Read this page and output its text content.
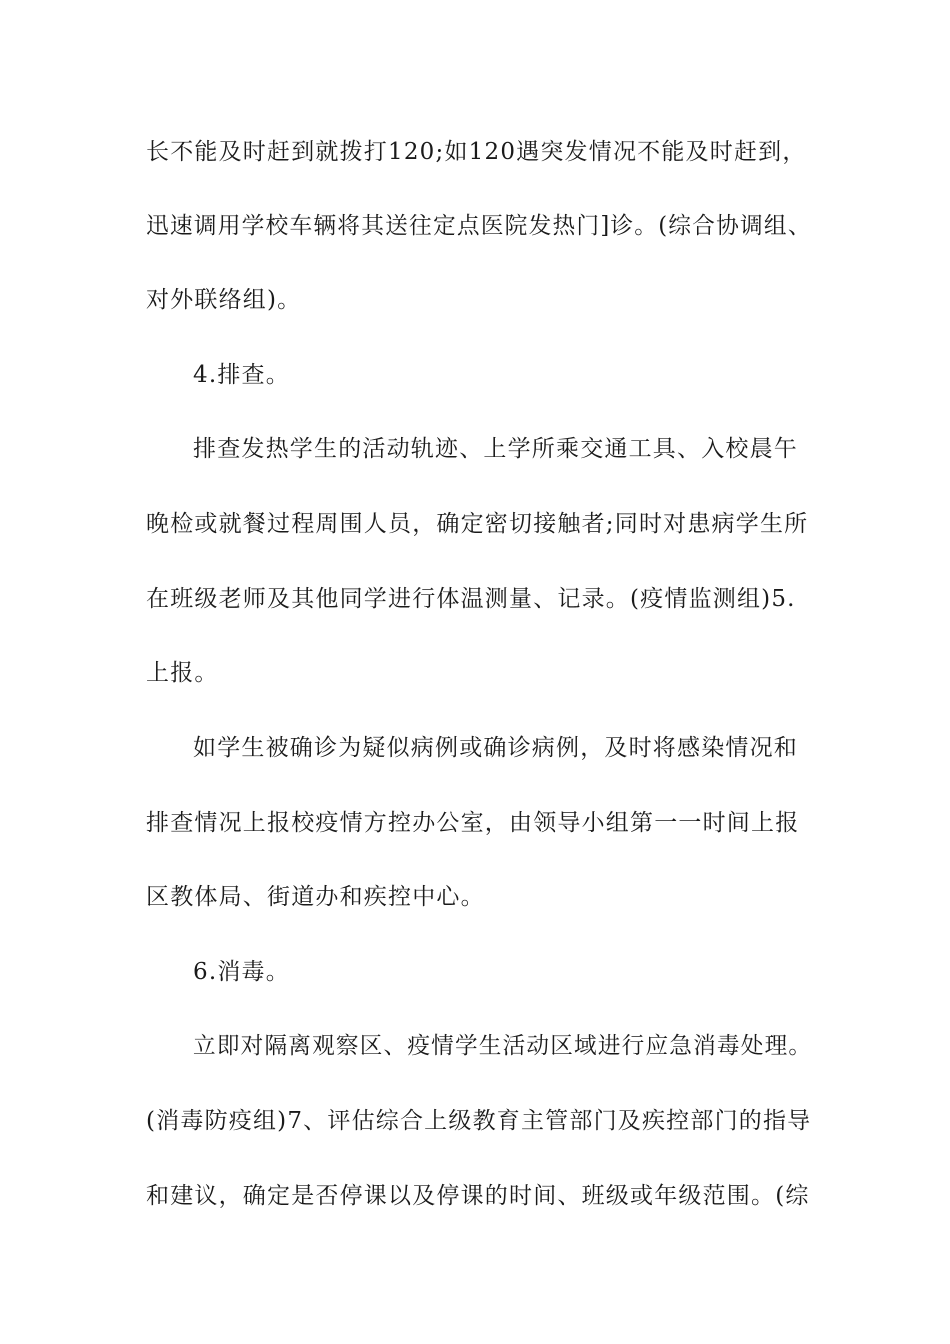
长不能及时赶到就拨打120;如120遇突发情况不能及时赶到，

迅速调用学校车辆将其送往定点医院发热门]诊。(综合协调组、

对外联络组)。

4.排查。

排查发热学生的活动轨迹、上学所乘交通工具、入校晨午

晚检或就餐过程周围人员，确定密切接触者;同时对患病学生所

在班级老师及其他同学进行体温测量、记录。(疫情监测组)5.

上报。

如学生被确诊为疑似病例或确诊病例，及时将感染情况和

排查情况上报校疫情方控办公室，由领导小组第一一时间上报

区教体局、街道办和疾控中心。

6.消毒。

立即对隔离观察区、疫情学生活动区域进行应急消毒处理。

(消毒防疫组)7、评估综合上级教育主管部门及疾控部门的指导

和建议，确定是否停课以及停课的时间、班级或年级范围。(综
